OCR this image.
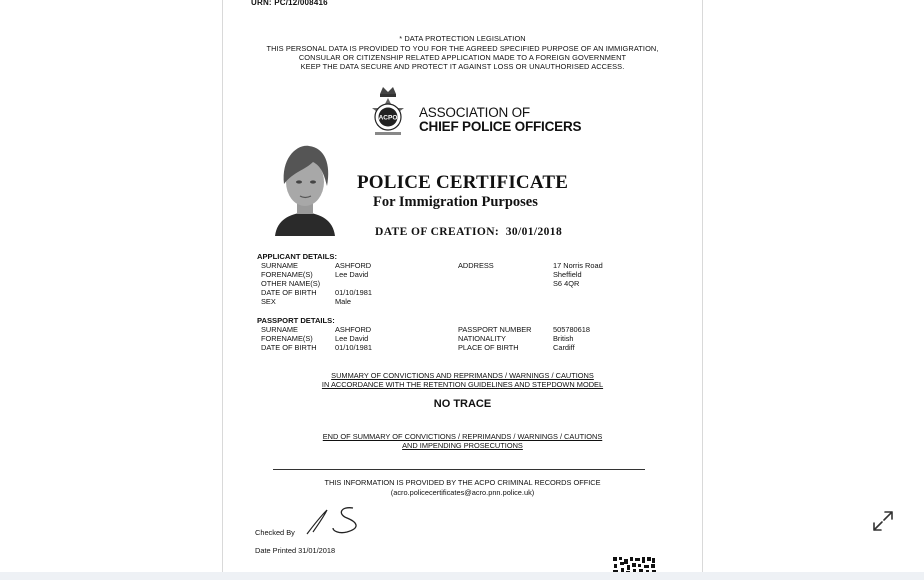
URN: PC/12/008416
* DATA PROTECTION LEGISLATION
THIS PERSONAL DATA IS PROVIDED TO YOU FOR THE AGREED SPECIFIED PURPOSE OF AN IMMIGRATION,
CONSULAR OR CITIZENSHIP RELATED APPLICATION MADE TO A FOREIGN GOVERNMENT
KEEP THE DATA SECURE AND PROTECT IT AGAINST LOSS OR UNAUTHORISED ACCESS.
ACPO ASSOCIATION OF
CHIEF POLICE OFFICERS
POLICE CERTIFICATE
For Immigration Purposes
DATE OF CREATION: 30/01/2018
APPLICANT DETAILS:
SURNAME	ASHFORD
FORENAME(S)	Lee David
OTHER NAME(S)
DATE OF BIRTH 01/10/1981
SEX	Male
ADDRESS	17 Norris Road
Sheffield
S6 4QR
PASSPORT DETAILS:
SURNAME	ASHFORD
FORENAME(S)	Lee David
DATE OF BIRTH 01/10/1981
PASSPORT NUMBER	505780618
NATIONALITY	British
PLACE OF BIRTH	Cardiff
SUMMARY OF CONVICTIONS AND REPRIMANDS / WARNINGS / CAUTIONS
IN ACCORDANCE WITH THE RETENTION GUIDELINES AND STEPDOWN MODEL
NO TRACE
END OF SUMMARY OF CONVICTIONS / REPRIMANDS / WARNINGS / CAUTIONS
AND IMPENDING PROSECUTIONS
THIS INFORMATION IS PROVIDED BY THE ACPO CRIMINAL RECORDS OFFICE
(acro.policecertificates@acro.pnn.police.uk)
Checked By
Date Printed 31/01/2018
